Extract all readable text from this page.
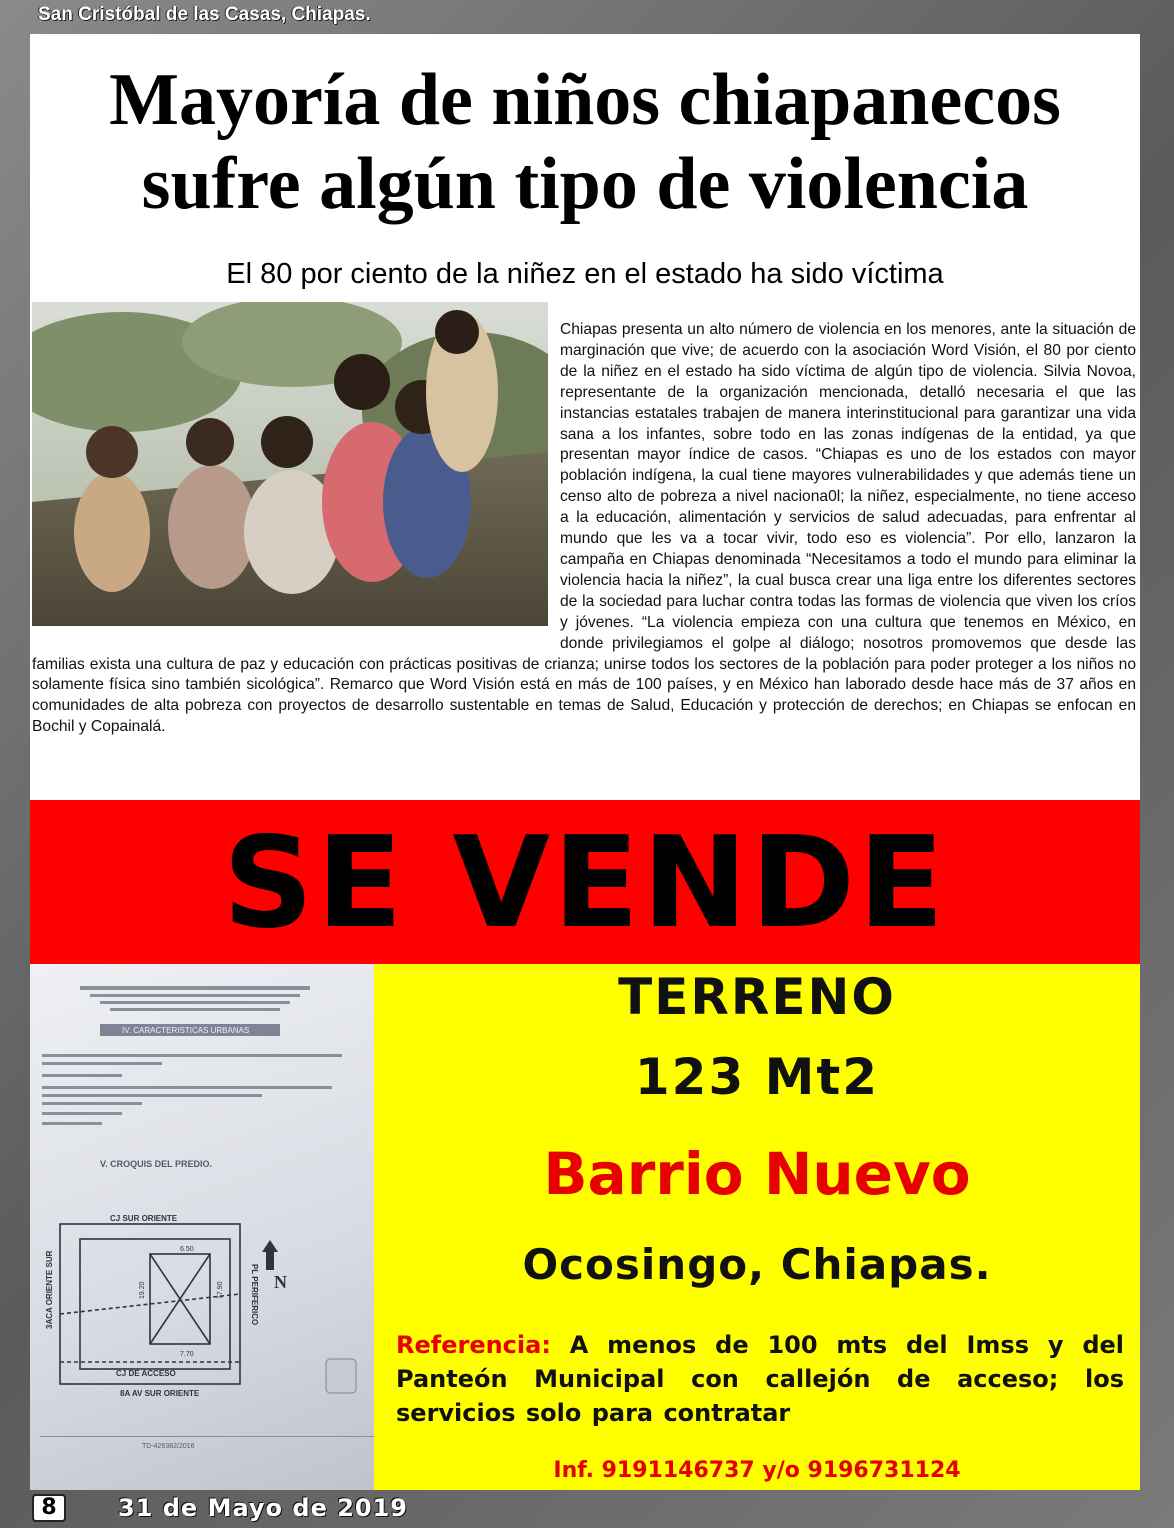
San Cristóbal de las Casas, Chiapas.
Mayoría de niños chiapanecos
sufre algún tipo de violencia
El 80 por ciento de la niñez en el estado ha sido víctima
Chiapas presenta un alto número de violencia en los menores, ante la situación de marginación que vive; de acuerdo con la asociación Word Visión, el 80 por ciento de la niñez en el estado ha sido víctima de algún tipo de violencia. Silvia Novoa, representante de la organización mencionada, detalló necesaria el que las instancias estatales trabajen de manera interinstitucional para garantizar una vida sana a los infantes, sobre todo en las zonas indígenas de la entidad, ya que presentan mayor índice de casos. “Chiapas es uno de los estados con mayor población indígena, la cual tiene mayores vulnerabilidades y que además tiene un censo alto de pobreza a nivel naciona0l; la niñez, especialmente, no tiene acceso a la educación, alimentación y servicios de salud adecuadas, para enfrentar al mundo que les va a tocar vivir, todo eso es violencia”. Por ello, lanzaron la campaña en Chiapas denominada “Necesitamos a todo el mundo para eliminar la violencia hacia la niñez”, la cual busca crear una liga entre los diferentes sectores de la sociedad para luchar contra todas las formas de violencia que viven los críos y jóvenes. “La violencia empieza con una cultura que tenemos en México, en donde privilegiamos el golpe al diálogo; nosotros promovemos que desde las familias exista una cultura de paz y educación con prácticas positivas de crianza; unirse todos los sectores de la población para poder proteger a los niños no solamente física sino también sicológica”. Remarco que Word Visión está en más de 100 países, y en México han laborado desde hace más de 37 años en comunidades de alta pobreza con proyectos de desarrollo sustentable en temas de Salud, Educación y protección de derechos; en Chiapas se enfocan en Bochil y Copainalá.
SE VENDE
IV. CARACTERISTICAS URBANAS
V. CROQUIS DEL PREDIO.
CJ SUR ORIENTE
6.50
19.20	17.90
7.70
CJ DE ACCESO
3ACA ORIENTE SUR	PL PERIFERICO
8A AV SUR ORIENTE
N
TD-426382/2016
TERRENO
123 Mt2
Barrio Nuevo
Ocosingo, Chiapas.
Referencia: A menos de 100 mts del Imss y del Panteón Municipal con callejón de acceso; los servicios solo para contratar
Inf. 9191146737 y/o 9196731124
8	31 de Mayo de 2019
